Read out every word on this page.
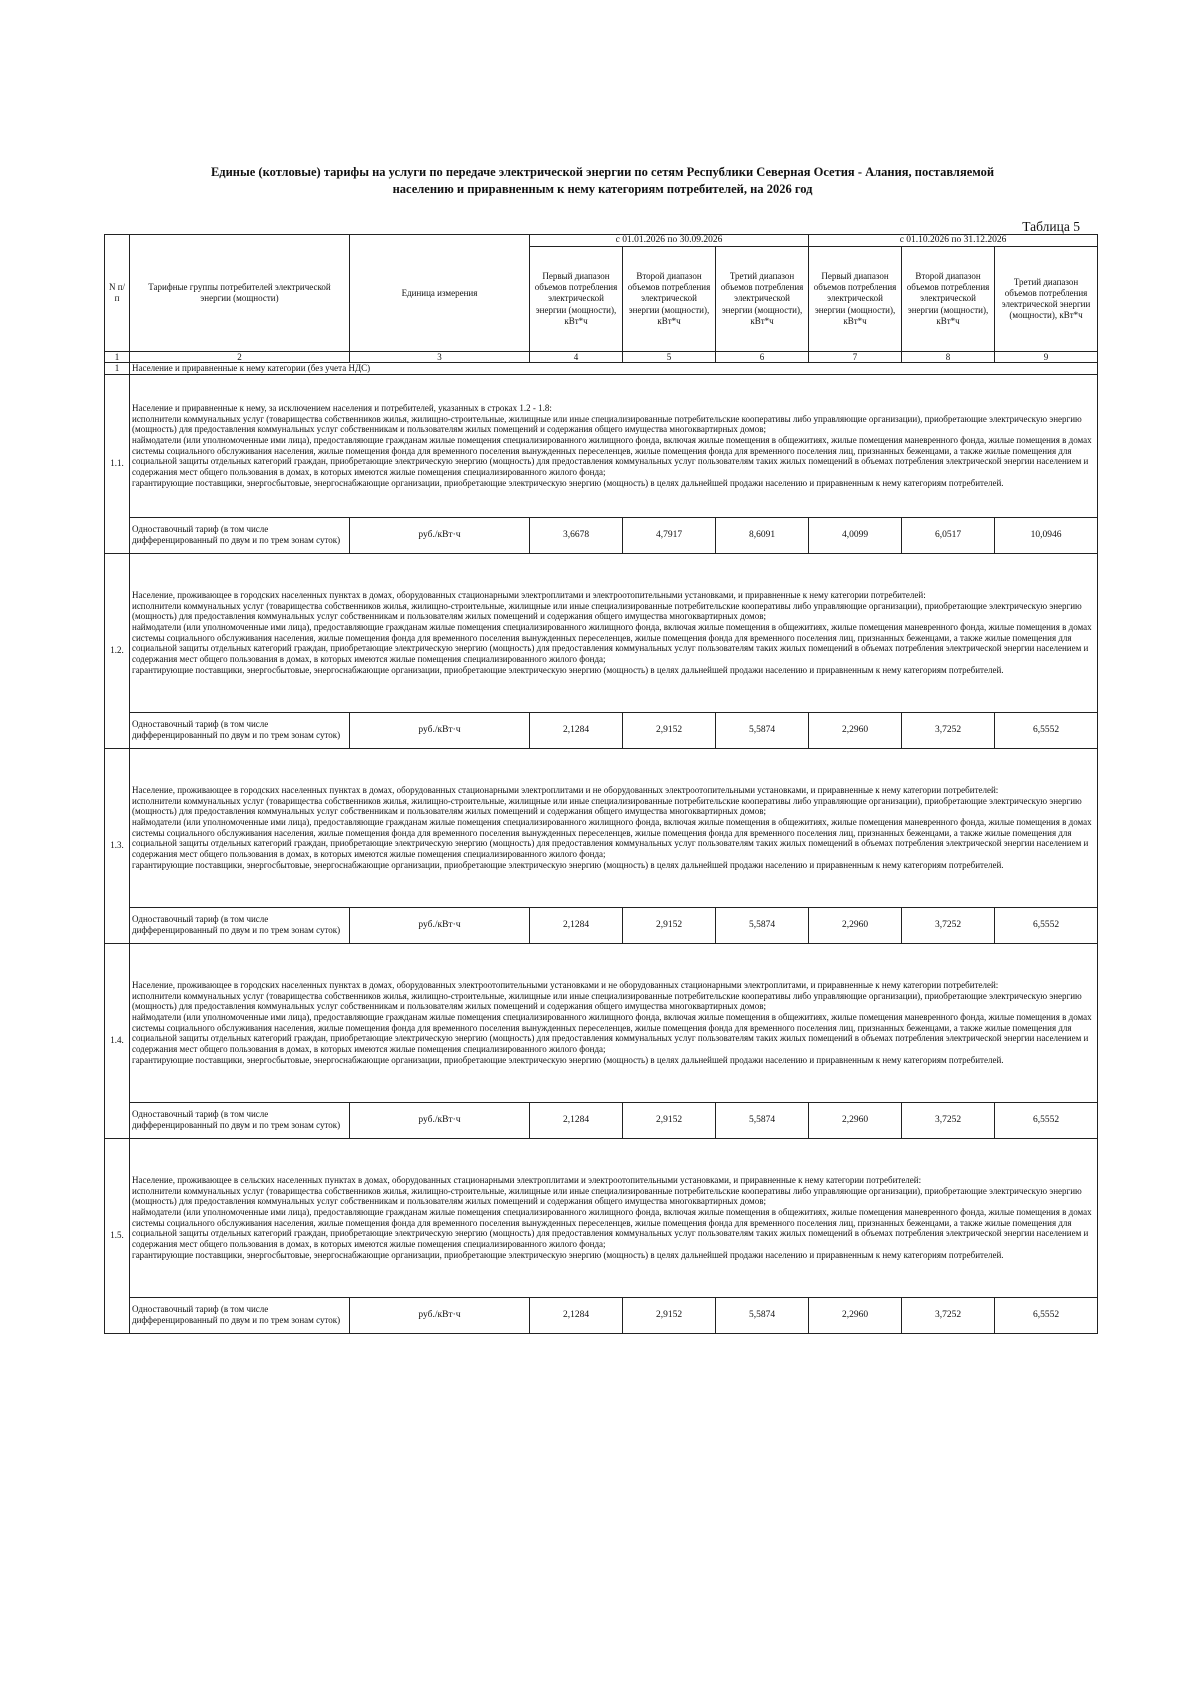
Единые (котловые) тарифы на услуги по передаче электрической энергии по сетям Республики Северная Осетия - Алания, поставляемой
населению и приравненным к нему категориям потребителей, на 2026 год
Таблица 5
N п/п	Тарифные группы потребителей электрической энергии (мощности)	Единица измерения	с 01.01.2026 по 30.09.2026			с 01.10.2026 по 31.12.2026		
			Первый диапазон объемов потребления электрической энергии (мощности), кВт*ч	Второй диапазон объемов потребления электрической энергии (мощности), кВт*ч	Третий диапазон объемов потребления электрической энергии (мощности), кВт*ч	Первый диапазон объемов потребления электрической энергии (мощности), кВт*ч	Второй диапазон объемов потребления электрической энергии (мощности), кВт*ч	Третий диапазон объемов потребления электрической энергии (мощности), кВт*ч
1	2	3	4	5	6	7	8	9
1	Население и приравненные к нему категории (без учета НДС)							
1.1.	Население и приравненные к нему, за исключением населения и потребителей, указанных в строках 1.2 - 1.8:
исполнители коммунальных услуг (товарищества собственников жилья, жилищно-строительные, жилищные или иные специализированные потребительские кооперативы либо управляющие организации), приобретающие электрическую энергию (мощность) для предоставления коммунальных услуг собственникам и пользователям жилых помещений и содержания общего имущества многоквартирных домов;
наймодатели (или уполномоченные ими лица), предоставляющие гражданам жилые помещения специализированного жилищного фонда, включая жилые помещения в общежитиях, жилые помещения маневренного фонда, жилые помещения в домах системы социального обслуживания населения, жилые помещения фонда для временного поселения вынужденных переселенцев, жилые помещения фонда для временного поселения лиц, признанных беженцами, а также жилые помещения для социальной защиты отдельных категорий граждан, приобретающие электрическую энергию (мощность) для предоставления коммунальных услуг пользователям таких жилых помещений в объемах потребления электрической энергии населением и содержания мест общего пользования в домах, в которых имеются жилые помещения специализированного жилого фонда;
гарантирующие поставщики, энергосбытовые, энергоснабжающие организации, приобретающие электрическую энергию (мощность) в целях дальнейшей продажи населению и приравненным к нему категориям потребителей.							

	Одноставочный тариф (в том числе дифференцированный по двум и по трем зонам суток)	руб./кВт·ч	3,6678	4,7917	8,6091	4,0099	6,0517	10,0946
1.2.	Население, проживающее в городских населенных пунктах в домах, оборудованных стационарными электроплитами и электроотопительными установками, и приравненные к нему категории потребителей:
исполнители коммунальных услуг (товарищества собственников жилья, жилищно-строительные, жилищные или иные специализированные потребительские кооперативы либо управляющие организации), приобретающие электрическую энергию (мощность) для предоставления коммунальных услуг собственникам и пользователям жилых помещений и содержания общего имущества многоквартирных домов;
наймодатели (или уполномоченные ими лица), предоставляющие гражданам жилые помещения специализированного жилищного фонда, включая жилые помещения в общежитиях, жилые помещения маневренного фонда, жилые помещения в домах системы социального обслуживания населения, жилые помещения фонда для временного поселения вынужденных переселенцев, жилые помещения фонда для временного поселения лиц, признанных беженцами, а также жилые помещения для социальной защиты отдельных категорий граждан, приобретающие электрическую энергию (мощность) для предоставления коммунальных услуг пользователям таких жилых помещений в объемах потребления электрической энергии населением и содержания мест общего пользования в домах, в которых имеются жилые помещения специализированного жилого фонда;
гарантирующие поставщики, энергосбытовые, энергоснабжающие организации, приобретающие электрическую энергию (мощность) в целях дальнейшей продажи населению и приравненным к нему категориям потребителей.							

	Одноставочный тариф (в том числе дифференцированный по двум и по трем зонам суток)	руб./кВт·ч	2,1284	2,9152	5,5874	2,2960	3,7252	6,5552
1.3.	Население, проживающее в городских населенных пунктах в домах, оборудованных стационарными электроплитами и не оборудованных электроотопительными установками, и приравненные к нему категории потребителей:
исполнители коммунальных услуг (товарищества собственников жилья, жилищно-строительные, жилищные или иные специализированные потребительские кооперативы либо управляющие организации), приобретающие электрическую энергию (мощность) для предоставления коммунальных услуг собственникам и пользователям жилых помещений и содержания общего имущества многоквартирных домов;
наймодатели (или уполномоченные ими лица), предоставляющие гражданам жилые помещения специализированного жилищного фонда, включая жилые помещения в общежитиях, жилые помещения маневренного фонда, жилые помещения в домах системы социального обслуживания населения, жилые помещения фонда для временного поселения вынужденных переселенцев, жилые помещения фонда для временного поселения лиц, признанных беженцами, а также жилые помещения для социальной защиты отдельных категорий граждан, приобретающие электрическую энергию (мощность) для предоставления коммунальных услуг пользователям таких жилых помещений в объемах потребления электрической энергии населением и содержания мест общего пользования в домах, в которых имеются жилые помещения специализированного жилого фонда;
гарантирующие поставщики, энергосбытовые, энергоснабжающие организации, приобретающие электрическую энергию (мощность) в целях дальнейшей продажи населению и приравненным к нему категориям потребителей.							

	Одноставочный тариф (в том числе дифференцированный по двум и по трем зонам суток)	руб./кВт·ч	2,1284	2,9152	5,5874	2,2960	3,7252	6,5552
1.4.	Население, проживающее в городских населенных пунктах в домах, оборудованных электроотопительными установками и не оборудованных стационарными электроплитами, и приравненные к нему категории потребителей:
исполнители коммунальных услуг (товарищества собственников жилья, жилищно-строительные, жилищные или иные специализированные потребительские кооперативы либо управляющие организации), приобретающие электрическую энергию (мощность) для предоставления коммунальных услуг собственникам и пользователям жилых помещений и содержания общего имущества многоквартирных домов;
наймодатели (или уполномоченные ими лица), предоставляющие гражданам жилые помещения специализированного жилищного фонда, включая жилые помещения в общежитиях, жилые помещения маневренного фонда, жилые помещения в домах системы социального обслуживания населения, жилые помещения фонда для временного поселения вынужденных переселенцев, жилые помещения фонда для временного поселения лиц, признанных беженцами, а также жилые помещения для социальной защиты отдельных категорий граждан, приобретающие электрическую энергию (мощность) для предоставления коммунальных услуг пользователям таких жилых помещений в объемах потребления электрической энергии населением и содержания мест общего пользования в домах, в которых имеются жилые помещения специализированного жилого фонда;
гарантирующие поставщики, энергосбытовые, энергоснабжающие организации, приобретающие электрическую энергию (мощность) в целях дальнейшей продажи населению и приравненным к нему категориям потребителей.							

	Одноставочный тариф (в том числе дифференцированный по двум и по трем зонам суток)	руб./кВт·ч	2,1284	2,9152	5,5874	2,2960	3,7252	6,5552
1.5.	Население, проживающее в сельских населенных пунктах в домах, оборудованных стационарными электроплитами и электроотопительными установками, и приравненные к нему категории потребителей:
исполнители коммунальных услуг (товарищества собственников жилья, жилищно-строительные, жилищные или иные специализированные потребительские кооперативы либо управляющие организации), приобретающие электрическую энергию (мощность) для предоставления коммунальных услуг собственникам и пользователям жилых помещений и содержания общего имущества многоквартирных домов;
наймодатели (или уполномоченные ими лица), предоставляющие гражданам жилые помещения специализированного жилищного фонда, включая жилые помещения в общежитиях, жилые помещения маневренного фонда, жилые помещения в домах системы социального обслуживания населения, жилые помещения фонда для временного поселения вынужденных переселенцев, жилые помещения фонда для временного поселения лиц, признанных беженцами, а также жилые помещения для социальной защиты отдельных категорий граждан, приобретающие электрическую энергию (мощность) для предоставления коммунальных услуг пользователям таких жилых помещений в объемах потребления электрической энергии населением и содержания мест общего пользования в домах, в которых имеются жилые помещения специализированного жилого фонда;
гарантирующие поставщики, энергосбытовые, энергоснабжающие организации, приобретающие электрическую энергию (мощность) в целях дальнейшей продажи населению и приравненным к нему категориям потребителей.							

	Одноставочный тариф (в том числе дифференцированный по двум и по трем зонам суток)	руб./кВт·ч	2,1284	2,9152	5,5874	2,2960	3,7252	6,5552
